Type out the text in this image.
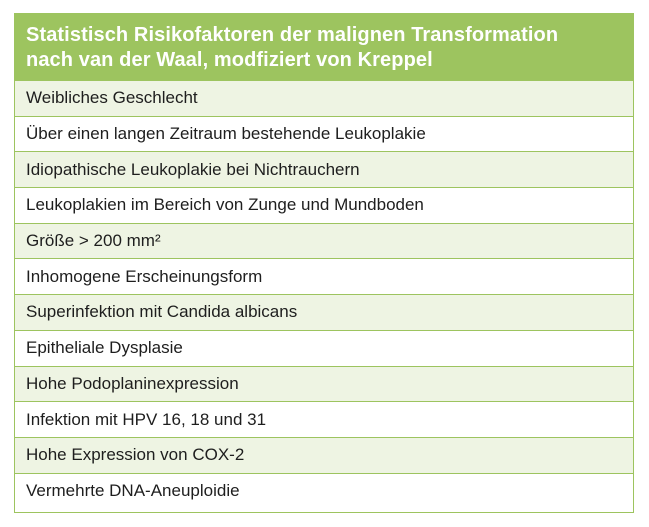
Statistisch Risikofaktoren der malignen Transformation
nach van der Waal, modfiziert von Kreppel
Weibliches Geschlecht
Über einen langen Zeitraum bestehende Leukoplakie
Idiopathische Leukoplakie bei Nichtrauchern
Leukoplakien im Bereich von Zunge und Mundboden
Größe > 200 mm²
Inhomogene Erscheinungsform
Superinfektion mit Candida albicans
Epitheliale Dysplasie
Hohe Podoplaninexpression
Infektion mit HPV 16, 18 und 31
Hohe Expression von COX-2
Vermehrte DNA-Aneuploidie
